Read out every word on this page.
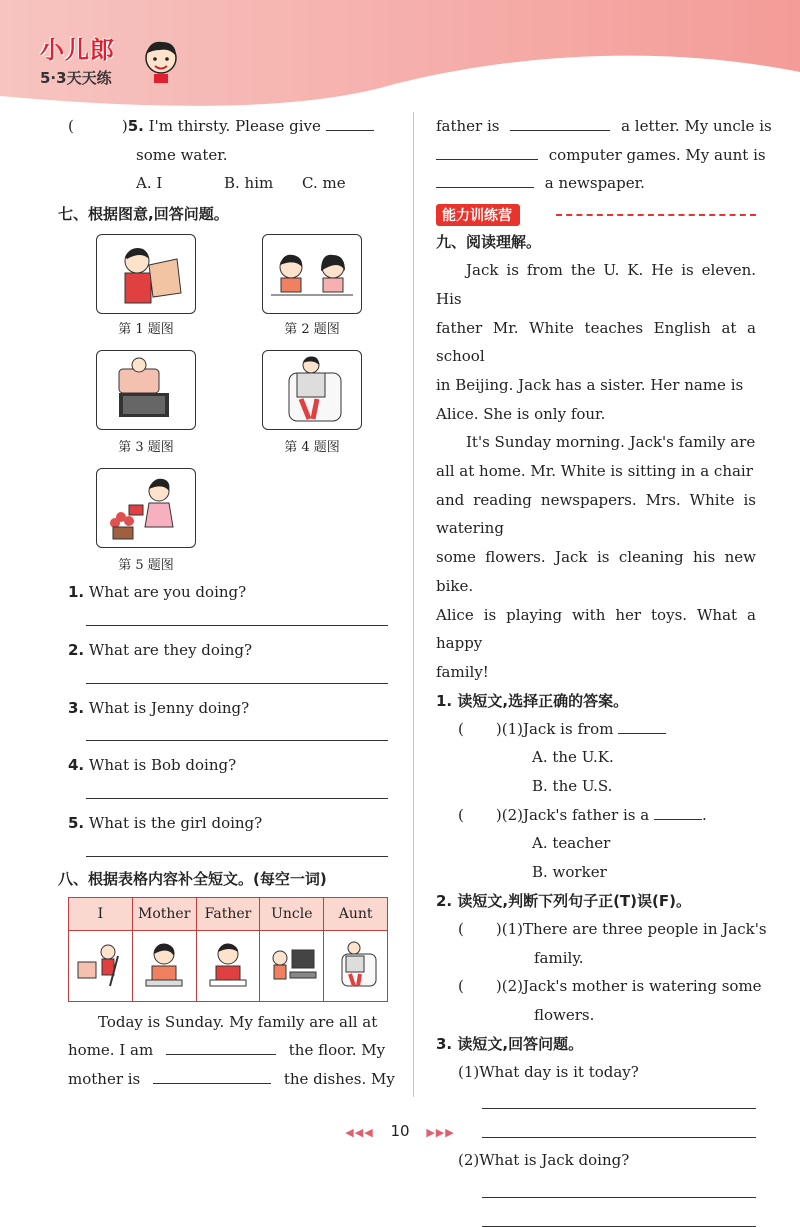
小儿郎
5·3天天练
(	)5. I'm thirsty. Please give
some water.
A. I	B. him C. me
七、根据图意,回答问题。
第 1 题图	第 2 题图
第 3 题图	第 4 题图
第 5 题图
1. What are you doing?
2. What are they doing?
3. What is Jenny doing?
4. What is Bob doing?
5. What is the girl doing?
八、根据表格内容补全短文。(每空一词)
I	Mother	Father	Uncle	Aunt

Today is Sunday. My family are all at
home. I am	the floor. My
mother is	the dishes. My
father is	a letter. My uncle is
computer games. My aunt is
a newspaper.
能力训练营
九、阅读理解。
Jack is from the U. K. He is eleven. His
father Mr. White teaches English at a school
in Beijing. Jack has a sister. Her name is
Alice. She is only four.
It's Sunday morning. Jack's family are
all at home. Mr. White is sitting in a chair
and reading newspapers. Mrs. White is watering
some flowers. Jack is cleaning his new bike.
Alice is playing with her toys. What a happy
family!
1. 读短文,选择正确的答案。
( )(1)Jack is from
A. the U.K.
B. the U.S.
( )(2)Jack's father is a	.
A. teacher
B. worker
2. 读短文,判断下列句子正(T)误(F)。
( )(1)There are three people in Jack's
family.
( )(2)Jack's mother is watering some
flowers.
3. 读短文,回答问题。
(1)What day is it today?
(2)What is Jack doing?
◀◀◀ 10 ▶▶▶
